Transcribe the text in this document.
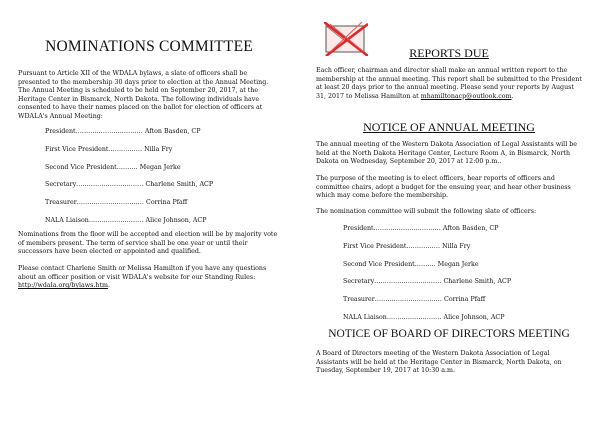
NOMINATIONS COMMITTEE

Pursuant to Article XII of the WDALA bylaws, a slate of officers shall be presented to the membership 30 days prior to election at the Annual Meeting. The Annual Meeting is scheduled to be held on September 20, 2017, at the Heritage Center in Bismarck, North Dakota. The following individuals have consented to have their names placed on the ballot for election of officers at WDALA's Annual Meeting:

President................................ Afton Basden, CP
First Vice President................ Nilla Fry
Second Vice President.......... Megan Jerke
Secretary................................ Charlene Smith, ACP
Treasurer................................ Corrina Pfaff
NALA Liaison.......................... Alice Johnson, ACP

Nominations from the floor will be accepted and election will be by majority vote of members present. The term of service shall be one year or until their successors have been elected or appointed and qualified.

Please contact Charlene Smith or Melissa Hamilton if you have any questions about an officer position or visit WDALA's website for our Standing Rules: http://wdala.org/bylaws.htm.

REPORTS DUE

Each officer, chairman and director shall make an annual written report to the membership at the annual meeting. This report shall be submitted to the President at least 20 days prior to the annual meeting. Please send your reports by August 31, 2017 to Melissa Hamilton at mhamiltonacp@outlook.com.

NOTICE OF ANNUAL MEETING

The annual meeting of the Western Dakota Association of Legal Assistants will be held at the North Dakota Heritage Center, Lecture Room A, in Bismarck, North Dakota on Wednesday, September 20, 2017 at 12:00 p.m..

The purpose of the meeting is to elect officers, hear reports of officers and committee chairs, adopt a budget for the ensuing year, and hear other business which may come before the membership.

The nomination committee will submit the following slate of officers:

President................................ Afton Basden, CP
First Vice President................ Nilla Fry
Second Vice President.......... Megan Jerke
Secretary................................ Charlene Smith, ACP
Treasurer................................ Corrina Pfaff
NALA Liaison.......................... Alice Johnson, ACP
NOTICE OF BOARD OF DIRECTORS MEETING

A Board of Directors meeting of the Western Dakota Association of Legal Assistants will be held at the Heritage Center in Bismarck, North Dakota, on Tuesday, September 19, 2017 at 10:30 a.m.
